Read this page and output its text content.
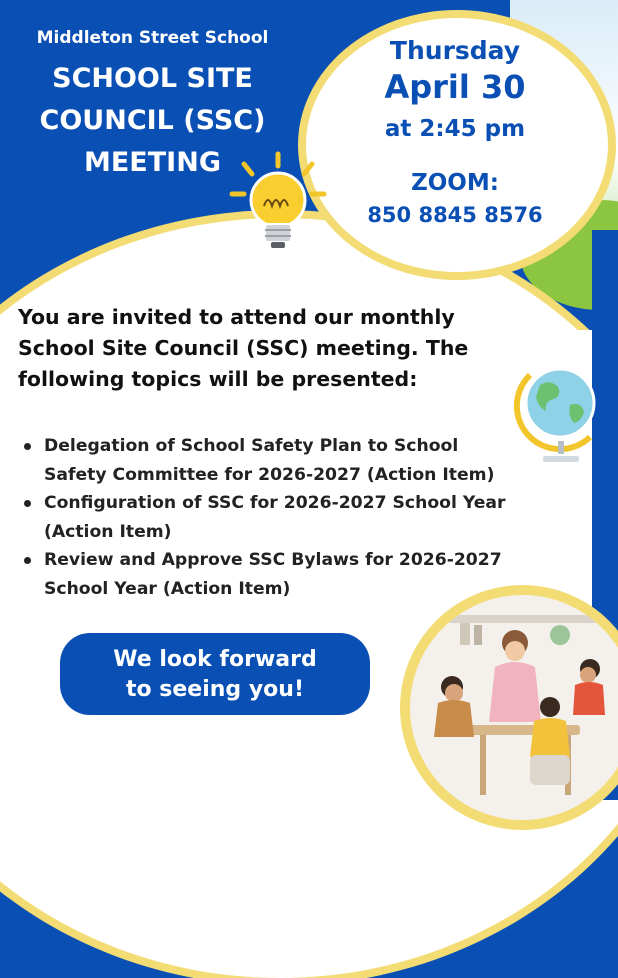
Thursday
April 30
at 2:45 pm
ZOOM:
850 8845 8576
Middleton Street School
SCHOOL SITE
COUNCIL (SSC)
MEETING
You are invited to attend our monthly
School Site Council (SSC) meeting. The
following topics will be presented:
Delegation of School Safety Plan to School
Safety Committee for 2026-2027 (Action Item)
Configuration of SSC for 2026-2027 School Year
(Action Item)
Review and Approve SSC Bylaws for 2026-2027
School Year (Action Item)
We look forward
to seeing you!
